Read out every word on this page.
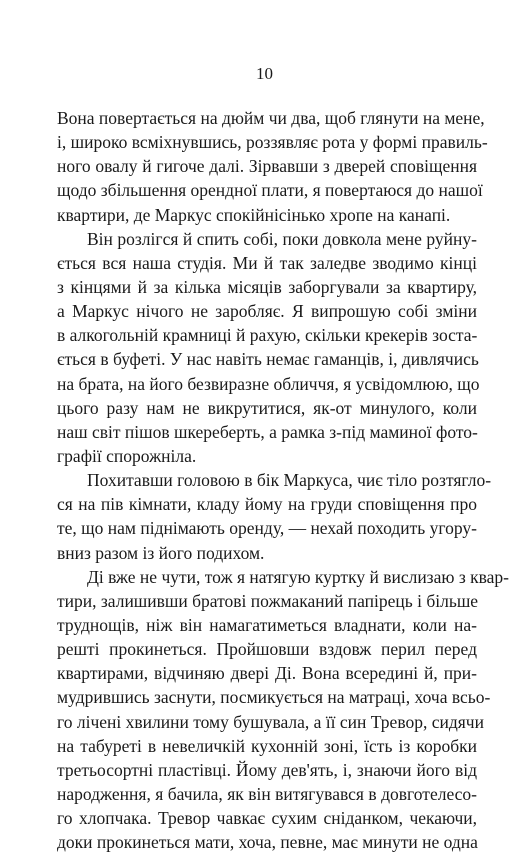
10
Вона повертається на дюйм чи два, щоб глянути на мене,
і, широко всміхнувшись, роззявляє рота у формі правиль-
ного овалу й гигоче далі. Зірвавши з дверей сповіщення
щодо збільшення орендної плати, я повертаюся до нашої
квартири, де Маркус спокійнісінько хропе на канапі.
Він розлігся й спить собі, поки довкола мене руйну-
ється вся наша студія. Ми й так заледве зводимо кінці
з кінцями й за кілька місяців заборгували за квартиру,
а Маркус нічого не заробляє. Я випрошую собі зміни
в алкогольній крамниці й рахую, скільки крекерів зоста-
ється в буфеті. У нас навіть немає гаманців, і, дивлячись
на брата, на його безвиразне обличчя, я усвідомлюю, що
цього разу нам не викрутитися, як-от минулого, коли
наш світ пішов шкереберть, а рамка з-під маминої фото-
графії спорожніла.
Похитавши головою в бік Маркуса, чиє тіло розтягло-
ся на пів кімнати, кладу йому на груди сповіщення про
те, що нам піднімають оренду, — нехай походить угору-
вниз разом із його подихом.
Ді вже не чути, тож я натягую куртку й вислизаю з квар-
тири, залишивши братові пожмаканий папірець і більше
труднощів, ніж він намагатиметься владнати, коли на-
решті прокинеться. Пройшовши вздовж перил перед
квартирами, відчиняю двері Ді. Вона всередині й, при-
мудрившись заснути, посмикується на матраці, хоча всьо-
го лічені хвилини тому бушувала, а її син Тревор, сидячи
на табуреті в невеличкій кухонній зоні, їсть із коробки
третьосортні пластівці. Йому дев'ять, і, знаючи його від
народження, я бачила, як він витягувався в довготелесо-
го хлопчака. Тревор чавкає сухим сніданком, чекаючи,
доки прокинеться мати, хоча, певне, має минути не одна
